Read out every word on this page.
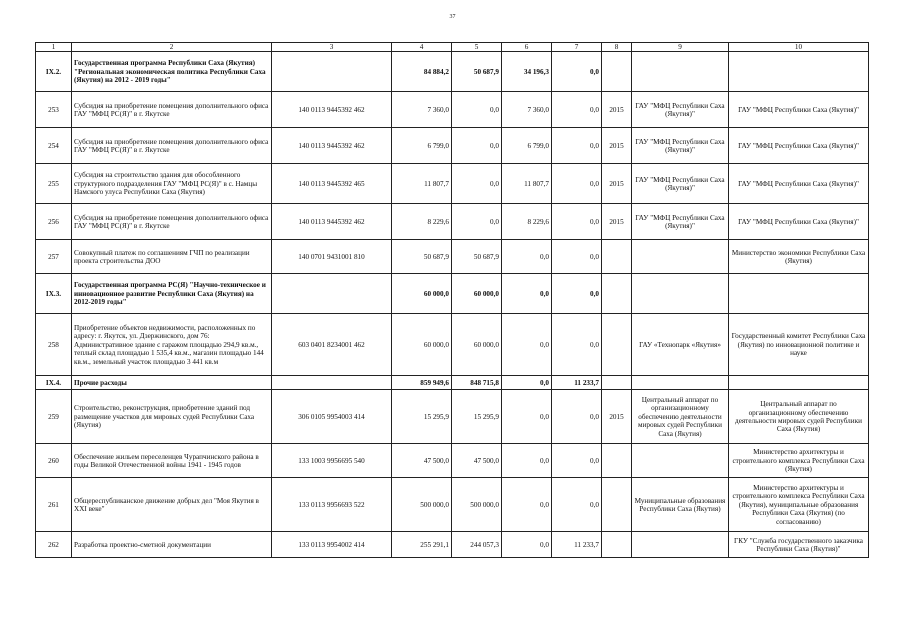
37
1	2	3	4	5	6	7	8	9	10
IX.2.	Государственная программа Республики Саха (Якутия) "Региональная экономическая политика Республики Саха (Якутия) на 2012 - 2019 годы"		84 884,2	50 687,9	34 196,3	0,0			
253	Субсидия на приобретение помещения дополнительного офиса ГАУ "МФЦ РС(Я)" в г. Якутске	140 0113 9445392 462	7 360,0	0,0	7 360,0	0,0	2015	ГАУ "МФЦ Республики Саха (Якутия)"	ГАУ "МФЦ Республики Саха (Якутия)"
254	Субсидия на приобретение помещения дополнительного офиса ГАУ "МФЦ РС(Я)" в г. Якутске	140 0113 9445392 462	6 799,0	0,0	6 799,0	0,0	2015	ГАУ "МФЦ Республики Саха (Якутия)"	ГАУ "МФЦ Республики Саха (Якутия)"
255	Субсидия на строительство здания для обособленного структурного подразделения ГАУ "МФЦ РС(Я)" в с. Намцы Намского улуса Республики Саха (Якутия)	140 0113 9445392 465	11 807,7	0,0	11 807,7	0,0	2015	ГАУ "МФЦ Республики Саха (Якутия)"	ГАУ "МФЦ Республики Саха (Якутия)"
256	Субсидия на приобретение помещения дополнительного офиса ГАУ "МФЦ РС(Я)" в г. Якутске	140 0113 9445392 462	8 229,6	0,0	8 229,6	0,0	2015	ГАУ "МФЦ Республики Саха (Якутия)"	ГАУ "МФЦ Республики Саха (Якутия)"
257	Совокупный платеж по соглашениям ГЧП по реализации проекта строительства ДОО	140 0701 9431001 810	50 687,9	50 687,9	0,0	0,0			Министерство экономики Республики Саха (Якутия)
IX.3.	Государственная программа РС(Я) "Научно-техническое и инновационное развитие Республики Саха (Якутия) на 2012-2019 годы"		60 000,0	60 000,0	0,0	0,0			
258	Приобретение объектов недвижимости, расположенных по адресу: г. Якутск, ул. Дзержинского, дом 76: Административное здание с гаражом площадью 294,9 кв.м., теплый склад площадью 1 535,4 кв.м., магазин площадью 144 кв.м., земельный участок площадью 3 441 кв.м	603 0401 8234001 462	60 000,0	60 000,0	0,0	0,0		ГАУ «Технопарк «Якутия»	Государственный комитет Республики Саха (Якутия) по инновационной политике и науке
IX.4.	Прочие расходы		859 949,6	848 715,8	0,0	11 233,7			
259	Строительство, реконструкция, приобретение зданий под размещение участков для мировых судей Республики Саха (Якутия)	306 0105 9954003 414	15 295,9	15 295,9	0,0	0,0	2015	Центральный аппарат по организационному обеспечению деятельности мировых судей Республики Саха (Якутия)	Центральный аппарат по организационному обеспечению деятельности мировых судей Республики Саха (Якутия)
260	Обеспечение жильем переселенцев Чурапчинского района в годы Великой Отечественной войны 1941 - 1945 годов	133 1003 9956695 540	47 500,0	47 500,0	0,0	0,0			Министерство архитектуры и строительного комплекса Республики Саха (Якутия)
261	Общереспубликанское движение добрых дел "Моя Якутия в XXI веке"	133 0113 9956693 522	500 000,0	500 000,0	0,0	0,0		Муниципальные образования Республики Саха (Якутия)	Министерство архитектуры и строительного комплекса Республики Саха (Якутия), муниципальные образования Республики Саха (Якутия) (по согласованию)
262	Разработка проектно-сметной документации	133 0113 9954002 414	255 291,1	244 057,3	0,0	11 233,7			ГКУ "Служба государственного заказчика Республики Саха (Якутия)"
